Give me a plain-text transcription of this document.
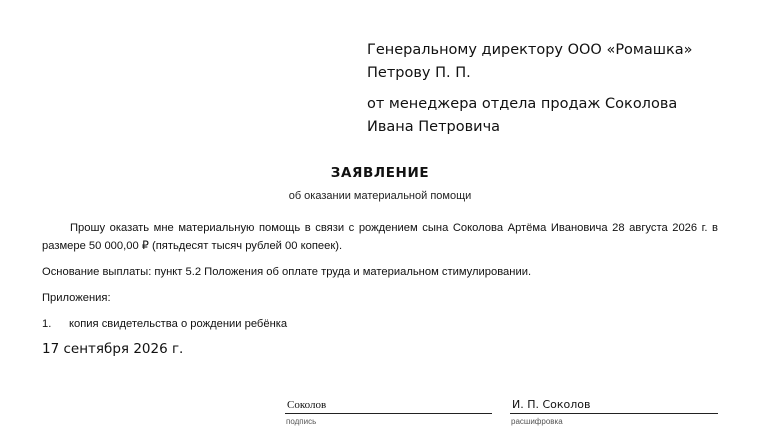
Генеральному директору ООО «Ромашка»

Петрову П. П.

от менеджера отдела продаж Соколова

Ивана Петровича

ЗАЯВЛЕНИЕ
об оказании материальной помощи
Прошу оказать мне материальную помощь в связи с рождением сына Соколова Артёма Ивановича 28 августа 2026 г. в размере 50 000,00 ₽ (пятьдесят тысяч рублей 00 копеек).
Основание выплаты: пункт 5.2 Положения об оплате труда и материальном стимулировании.
Приложения:
1. копия свидетельства о рождении ребёнка
17 сентября 2026 г.
Соколов
подпись
И. П. Соколов
расшифровка
